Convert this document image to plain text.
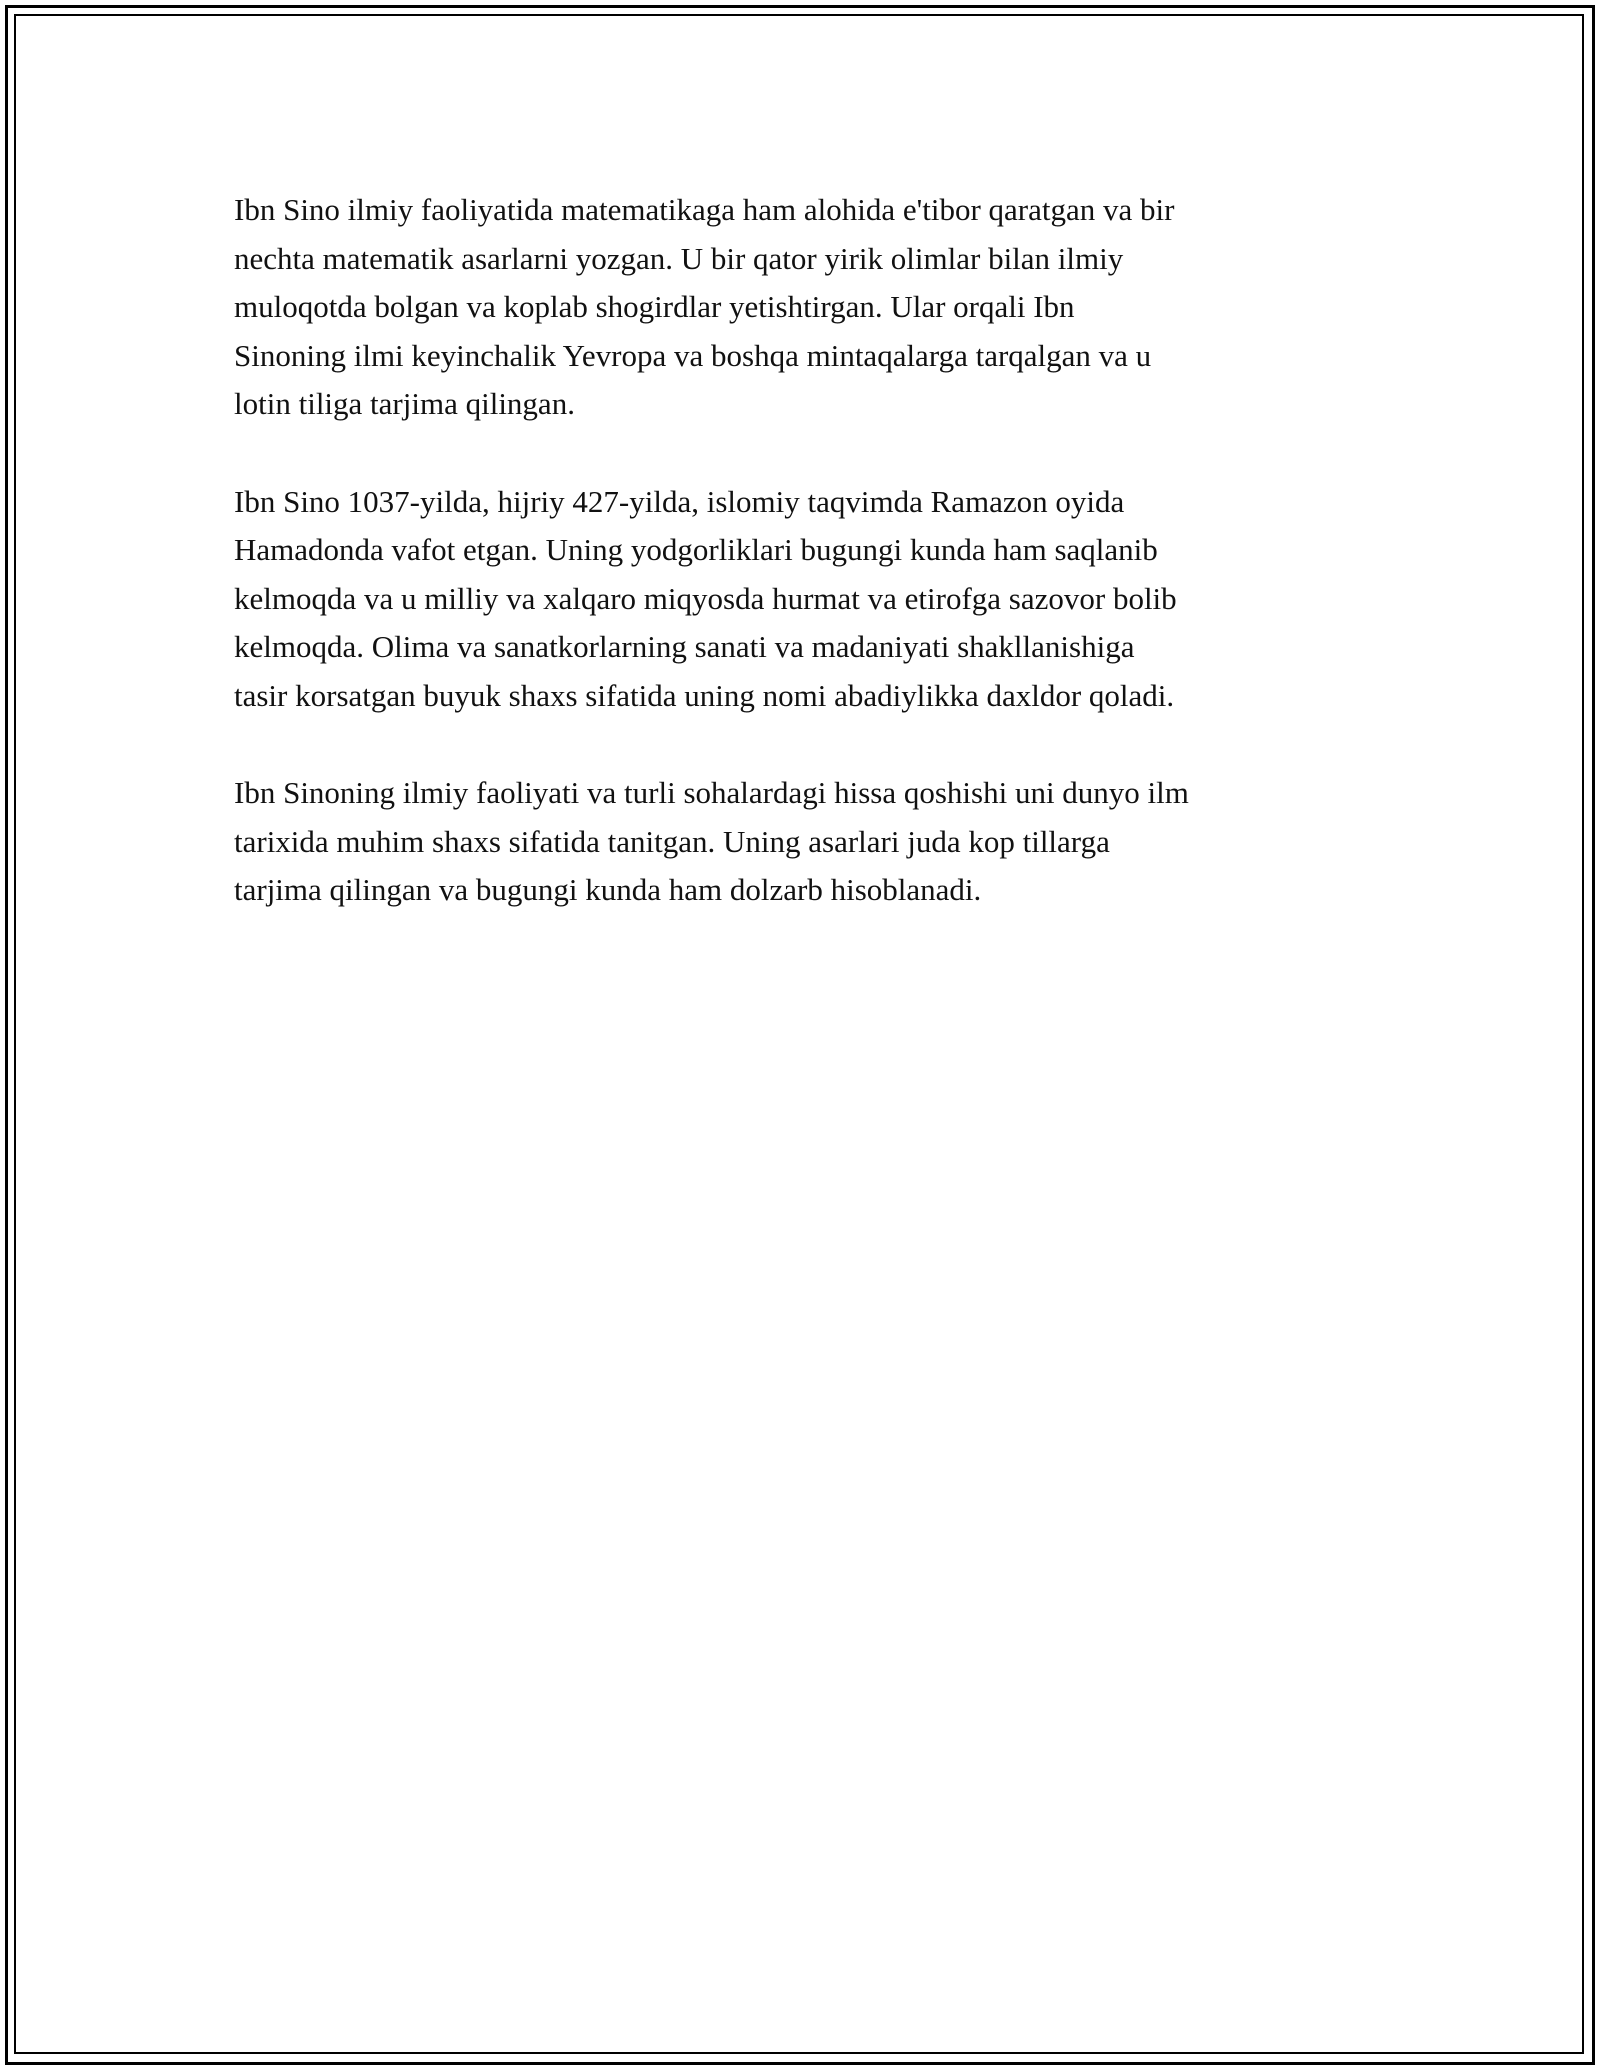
Ibn Sino ilmiy faoliyatida matematikaga ham alohida e'tibor qaratgan va bir
nechta matematik asarlarni yozgan. U bir qator yirik olimlar bilan ilmiy
muloqotda bolgan va koplab shogirdlar yetishtirgan. Ular orqali Ibn
Sinoning ilmi keyinchalik Yevropa va boshqa mintaqalarga tarqalgan va u
lotin tiliga tarjima qilingan.

Ibn Sino 1037-yilda, hijriy 427-yilda, islomiy taqvimda Ramazon oyida
Hamadonda vafot etgan. Uning yodgorliklari bugungi kunda ham saqlanib
kelmoqda va u milliy va xalqaro miqyosda hurmat va etirofga sazovor bolib
kelmoqda. Olima va sanatkorlarning sanati va madaniyati shakllanishiga
tasir korsatgan buyuk shaxs sifatida uning nomi abadiylikka daxldor qoladi.

Ibn Sinoning ilmiy faoliyati va turli sohalardagi hissa qoshishi uni dunyo ilm
tarixida muhim shaxs sifatida tanitgan. Uning asarlari juda kop tillarga
tarjima qilingan va bugungi kunda ham dolzarb hisoblanadi.
